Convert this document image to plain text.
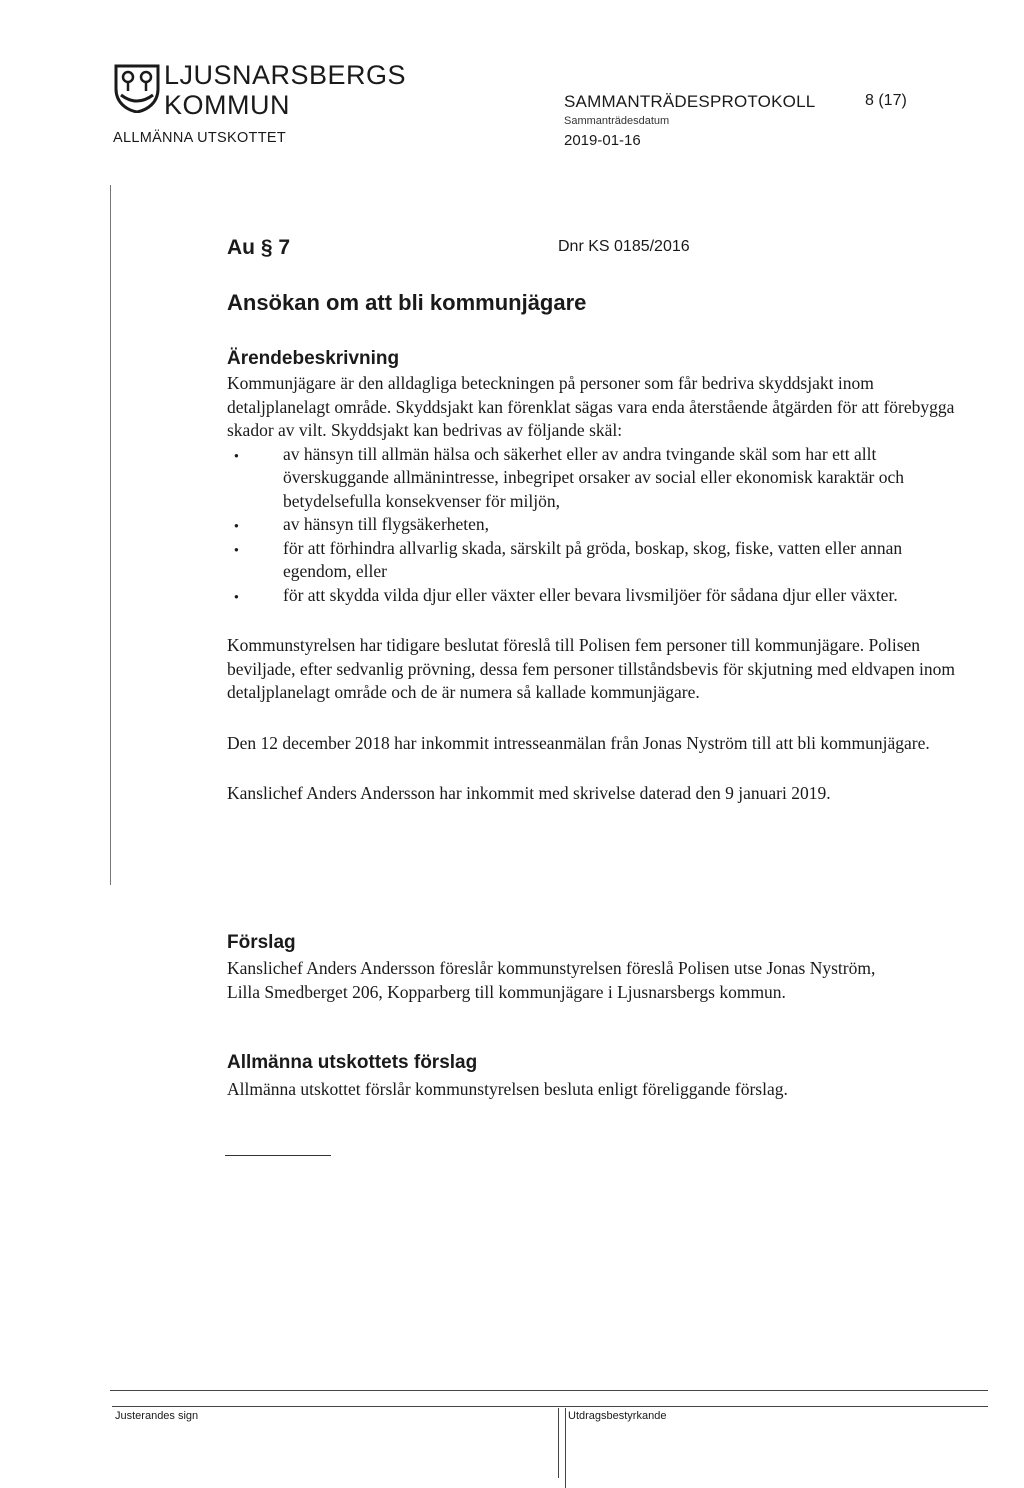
LJUSNARSBERGS
KOMMUN
ALLMÄNNA UTSKOTTET
SAMMANTRÄDESPROTOKOLL
Sammanträdesdatum
2019-01-16
8 (17)
Au § 7	Dnr KS 0185/2016
Ansökan om att bli kommunjägare
Ärendebeskrivning

Kommunjägare är den alldagliga beteckningen på personer som får bedriva skyddsjakt inom detaljplanelagt område. Skyddsjakt kan förenklat sägas vara enda återstående åtgärden för att förebygga skador av vilt. Skyddsjakt kan bedrivas av följande skäl:

● av hänsyn till allmän hälsa och säkerhet eller av andra tvingande skäl som har ett allt överskuggande allmänintresse, inbegripet orsaker av social eller ekonomisk karaktär och betydelsefulla konsekvenser för miljön,
● av hänsyn till flygsäkerheten,
● för att förhindra allvarlig skada, särskilt på gröda, boskap, skog, fiske, vatten eller annan egendom, eller
● för att skydda vilda djur eller växter eller bevara livsmiljöer för sådana djur eller växter.

Kommunstyrelsen har tidigare beslutat föreslå till Polisen fem personer till kommunjägare. Polisen beviljade, efter sedvanlig prövning, dessa fem personer tillståndsbevis för skjutning med eldvapen inom detaljplanelagt område och de är numera så kallade kommunjägare.

Den 12 december 2018 har inkommit intresseanmälan från Jonas Nyström till att bli kommunjägare.

Kanslichef Anders Andersson har inkommit med skrivelse daterad den 9 januari 2019.

Förslag
Kanslichef Anders Andersson föreslår kommunstyrelsen föreslå Polisen utse Jonas Nyström, Lilla Smedberget 206, Kopparberg till kommunjägare i Ljusnarsbergs kommun.
Allmänna utskottets förslag
Allmänna utskottet förslår kommunstyrelsen besluta enligt föreliggande förslag.
Justerandes sign	Utdragsbestyrkande
